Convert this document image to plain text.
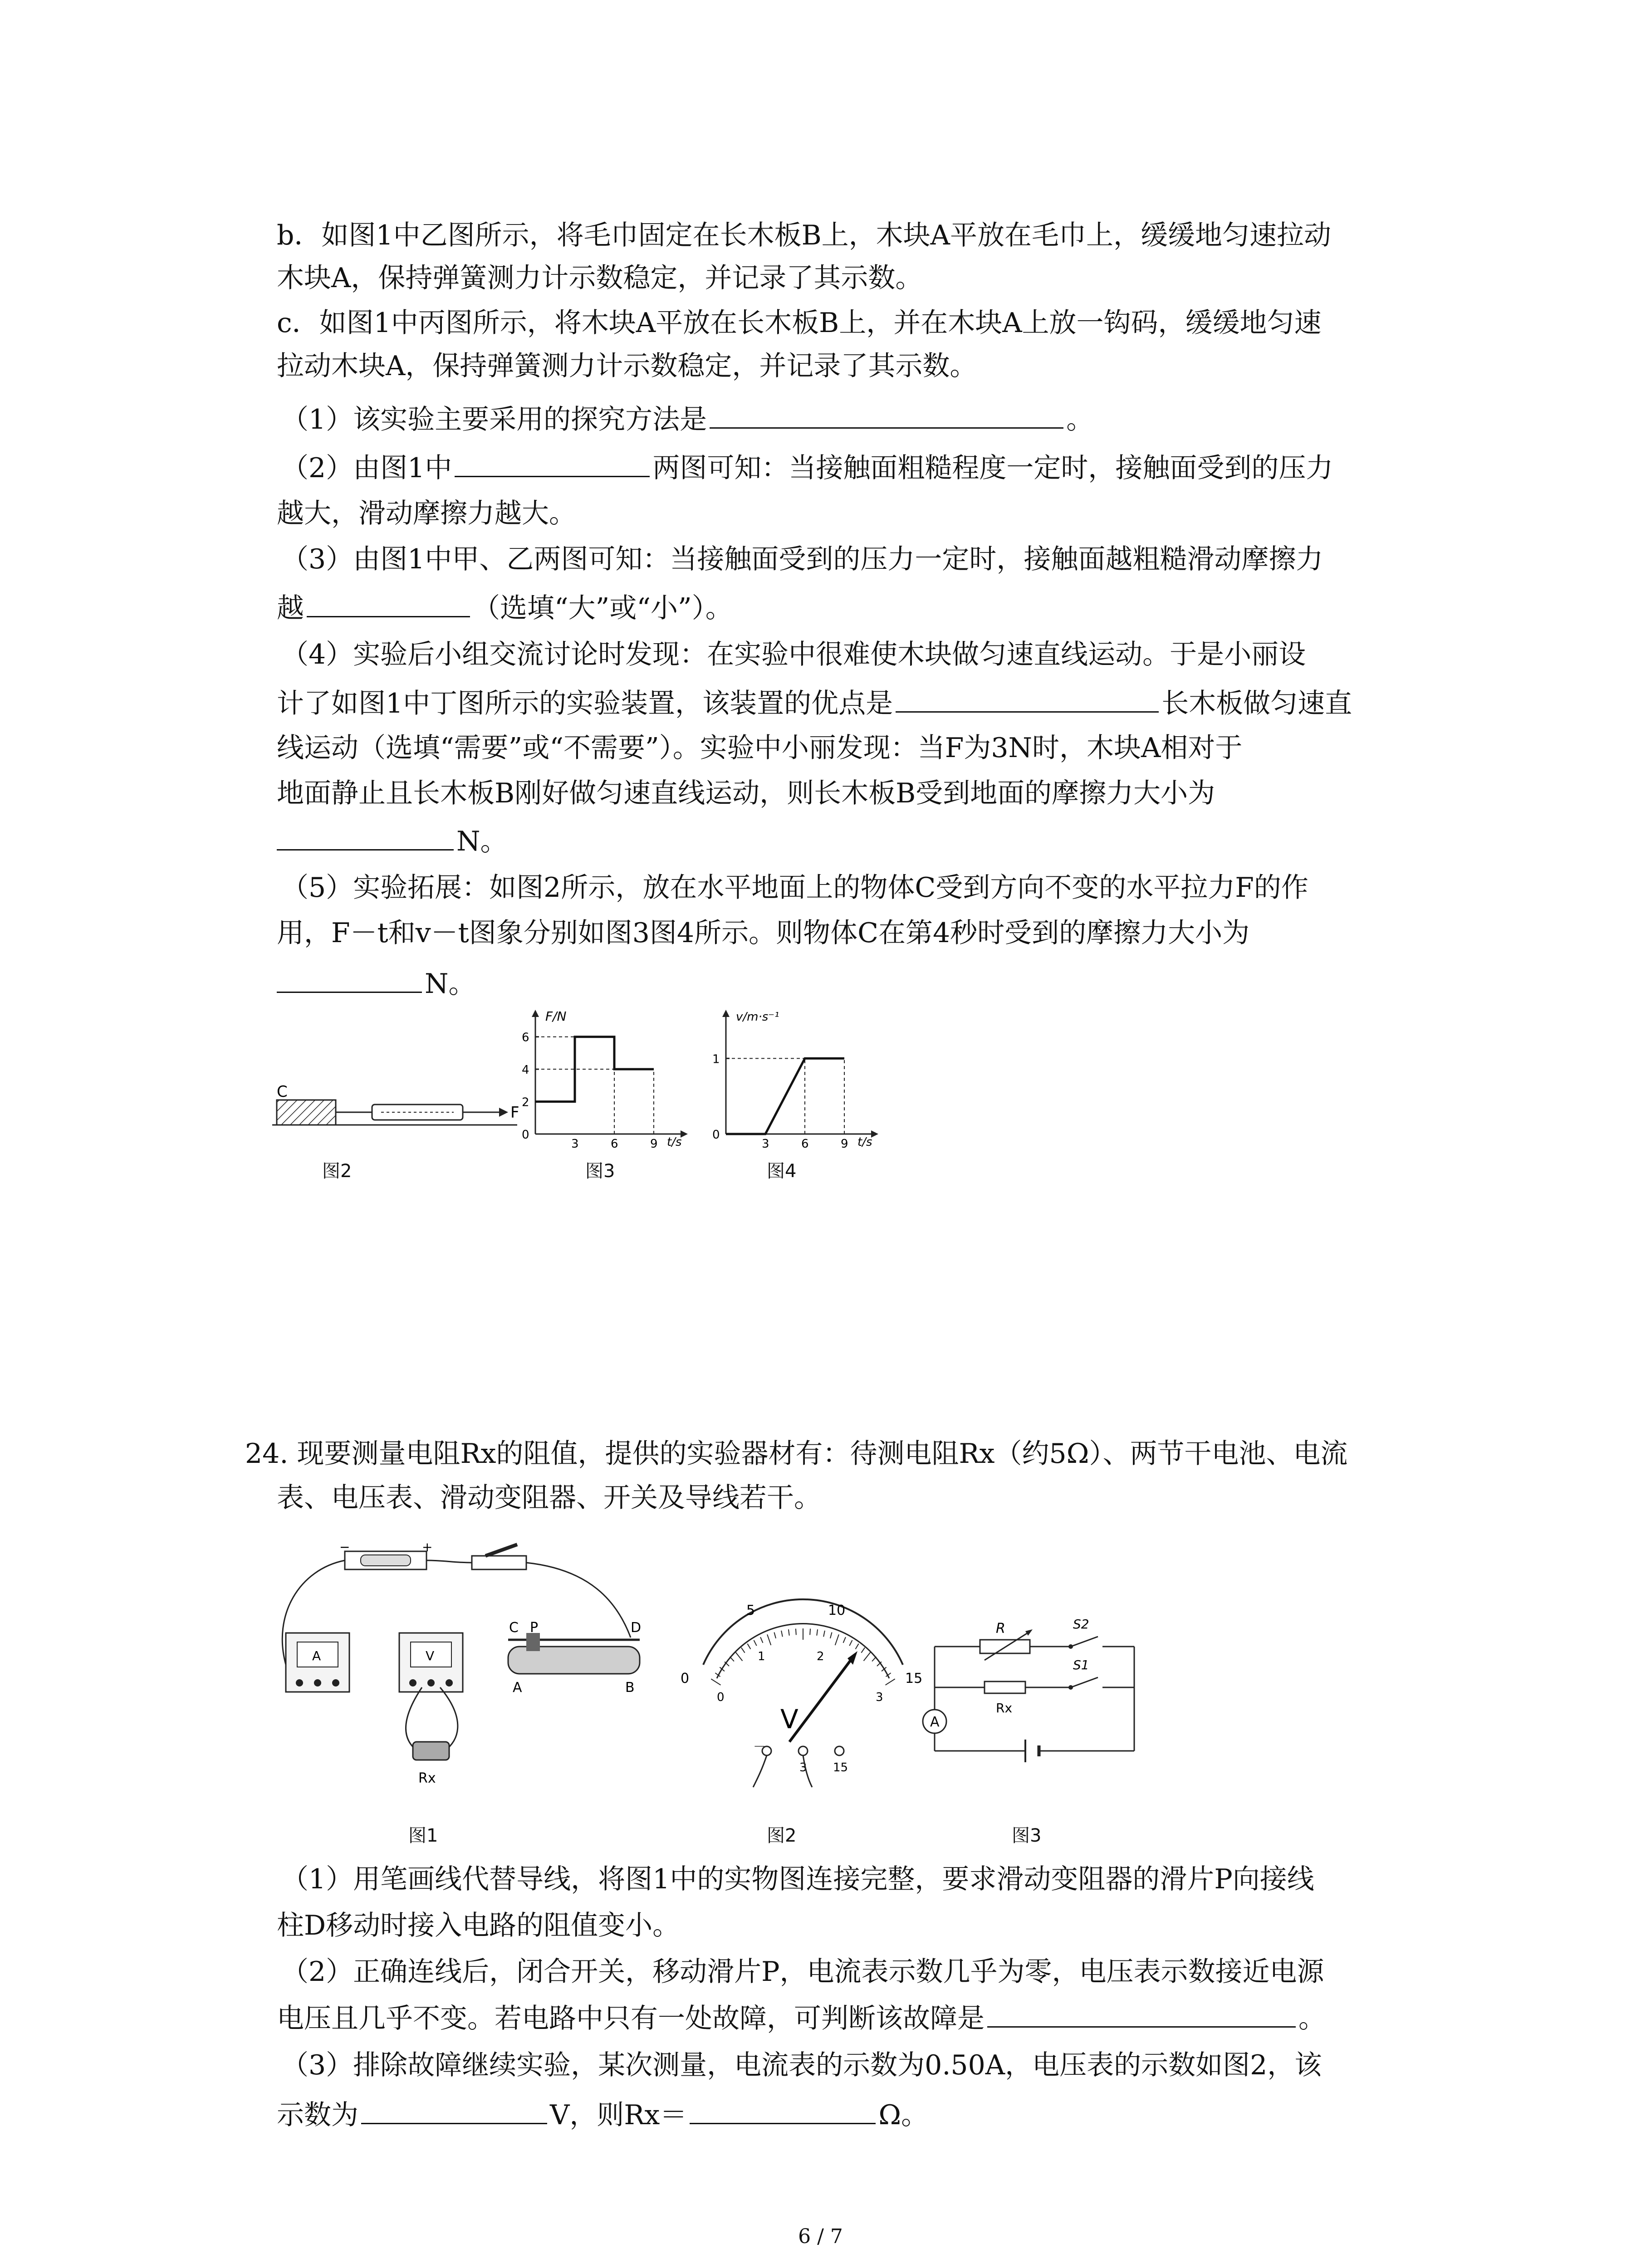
b．如图1中乙图所示，将毛巾固定在长木板B上，木块A平放在毛巾上，缓缓地匀速拉动
木块A，保持弹簧测力计示数稳定，并记录了其示数。
c．如图1中丙图所示，将木块A平放在长木板B上，并在木块A上放一钩码，缓缓地匀速
拉动木块A，保持弹簧测力计示数稳定，并记录了其示数。
（1）该实验主要采用的探究方法是	。
（2）由图1中	两图可知：当接触面粗糙程度一定时，接触面受到的压力
越大，滑动摩擦力越大。
（3）由图1中甲、乙两图可知：当接触面受到的压力一定时，接触面越粗糙滑动摩擦力
越	（选填“大”或“小”）。
（4）实验后小组交流讨论时发现：在实验中很难使木块做匀速直线运动。于是小丽设
计了如图1中丁图所示的实验装置，该装置的优点是	长木板做匀速直
线运动（选填“需要”或“不需要”）。实验中小丽发现：当F为3N时，木块A相对于
地面静止且长木板B刚好做匀速直线运动，则长木板B受到地面的摩擦力大小为
N。
（5）实验拓展：如图2所示，放在水平地面上的物体C受到方向不变的水平拉力F的作
用，F－t和v－t图象分别如图3图4所示。则物体C在第4秒时受到的摩擦力大小为
N。
C
F
图2
F/N
t/s
6
4
2
0
3	6	9
图3
v/m·s⁻¹
t/s
1
0
3	6	9
图4
24. 现要测量电阻Rx的阻值，提供的实验器材有：待测电阻Rx（约5Ω）、两节干电池、电流
表、电压表、滑动变阻器、开关及导线若干。
−	+
A	V
C P	D
A	B
Rx
图1
0
5	10
15
0
1	2
3
V
－
3 15
图2
R	S2
S1
Rx
A
图3
（1）用笔画线代替导线，将图1中的实物图连接完整，要求滑动变阻器的滑片P向接线
柱D移动时接入电路的阻值变小。
（2）正确连线后，闭合开关，移动滑片P，电流表示数几乎为零，电压表示数接近电源
电压且几乎不变。若电路中只有一处故障，可判断该故障是	。
（3）排除故障继续实验，某次测量，电流表的示数为0.50A，电压表的示数如图2，该
示数为	V，则Rx＝	Ω。
6 / 7
